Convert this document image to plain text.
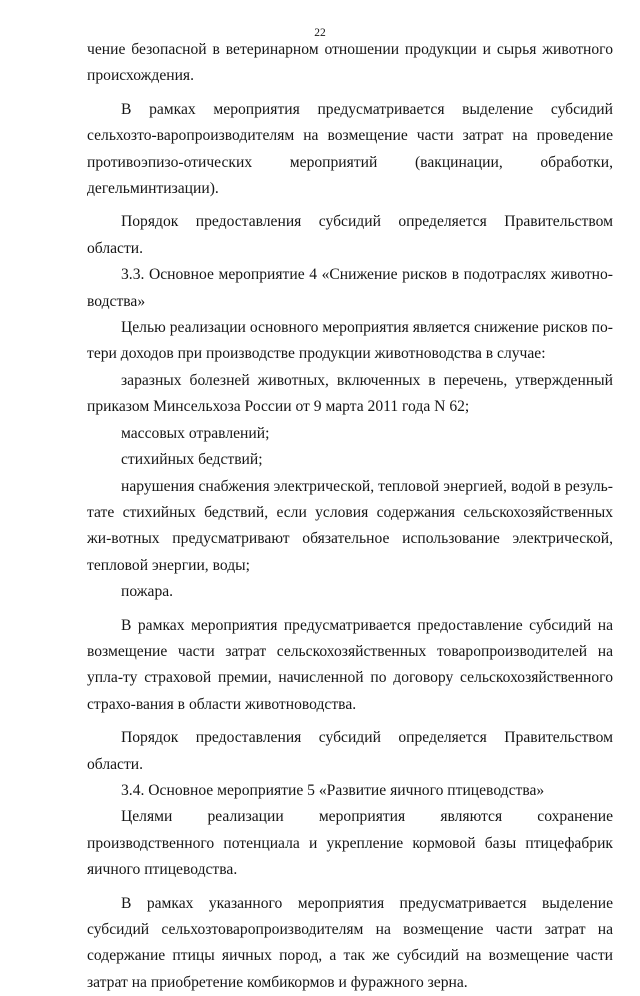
22

чение безопасной в ветеринарном отношении продукции и сырья животного происхождения.

В рамках мероприятия предусматривается выделение субсидий сельхозто-варопроизводителям на возмещение части затрат на проведение противоэпизо-отических мероприятий (вакцинации, обработки, дегельминтизации).

Порядок предоставления субсидий определяется Правительством области.

3.3. Основное мероприятие 4 «Снижение рисков в подотраслях животно-водства»

Целью реализации основного мероприятия является снижение рисков по-тери доходов при производстве продукции животноводства в случае:

заразных болезней животных, включенных в перечень, утвержденный приказом Минсельхоза России от 9 марта 2011 года N 62;

массовых отравлений;

стихийных бедствий;

нарушения снабжения электрической, тепловой энергией, водой в резуль-тате стихийных бедствий, если условия содержания сельскохозяйственных жи-вотных предусматривают обязательное использование электрической, тепловой энергии, воды;

пожара.

В рамках мероприятия предусматривается предоставление субсидий на возмещение части затрат сельскохозяйственных товаропроизводителей на упла-ту страховой премии, начисленной по договору сельскохозяйственного страхо-вания в области животноводства.

Порядок предоставления субсидий определяется Правительством области.

3.4. Основное мероприятие 5 «Развитие яичного птицеводства»

Целями реализации мероприятия являются сохранение производственного потенциала и укрепление кормовой базы птицефабрик яичного птицеводства.

В рамках указанного мероприятия предусматривается выделение субсидий сельхозтоваропроизводителям на возмещение части затрат на содержание птицы яичных пород, а так же субсидий на возмещение части затрат на приобретение комбикормов и фуражного зерна.
